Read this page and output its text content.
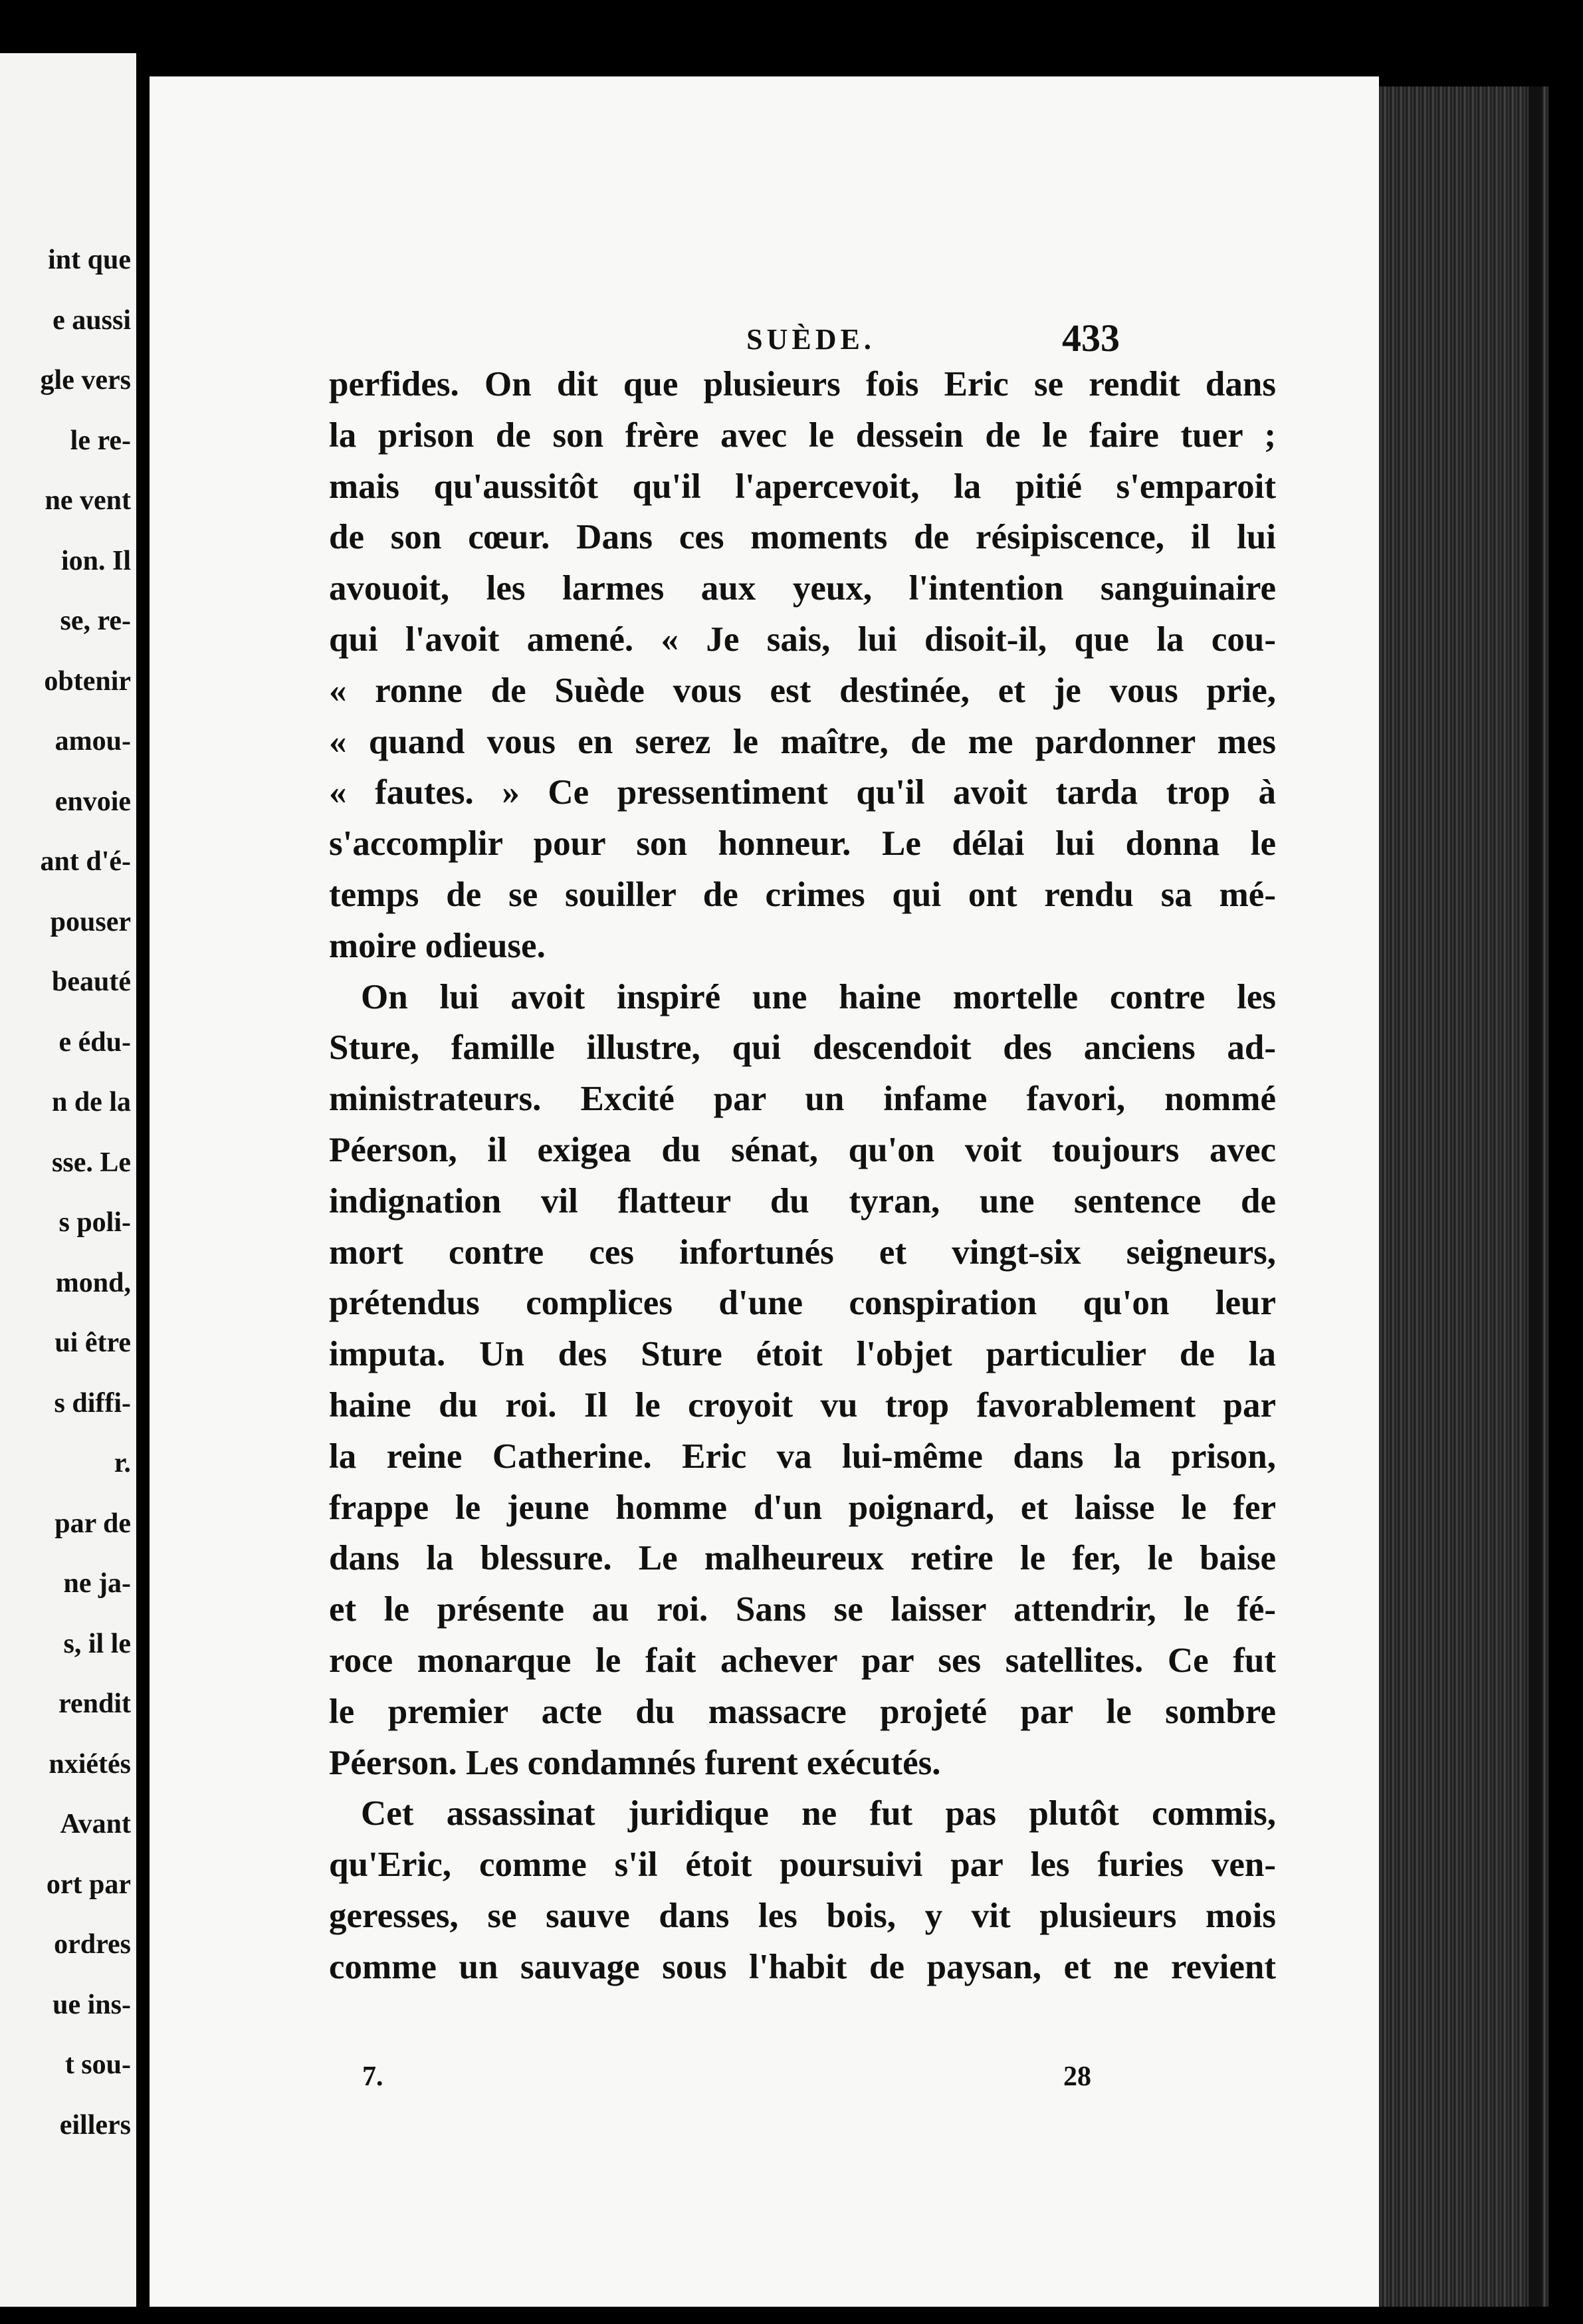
int que
e aussi
gle vers
le re-
ne vent
ion. Il
se, re-
obtenir
amou-
envoie
ant d'é-
pouser
beauté
e édu-
n de la
sse. Le
s poli-
mond,
ui être
s diffi-
r.
par de
ne ja-
s, il le
rendit
nxiétés
Avant
ort par
ordres
ue ins-
t sou-
eillers
SUÈDE.	433
perfides. On dit que plusieurs fois Eric se rendit dans
la prison de son frère avec le dessein de le faire tuer ;
mais qu'aussitôt qu'il l'apercevoit, la pitié s'emparoit
de son cœur. Dans ces moments de résipiscence, il lui
avouoit, les larmes aux yeux, l'intention sanguinaire
qui l'avoit amené. « Je sais, lui disoit-il, que la cou-
« ronne de Suède vous est destinée, et je vous prie,
« quand vous en serez le maître, de me pardonner mes
« fautes. » Ce pressentiment qu'il avoit tarda trop à
s'accomplir pour son honneur. Le délai lui donna le
temps de se souiller de crimes qui ont rendu sa mé-
moire odieuse.
On lui avoit inspiré une haine mortelle contre les
Sture, famille illustre, qui descendoit des anciens ad-
ministrateurs. Excité par un infame favori, nommé
Péerson, il exigea du sénat, qu'on voit toujours avec
indignation vil flatteur du tyran, une sentence de
mort contre ces infortunés et vingt-six seigneurs,
prétendus complices d'une conspiration qu'on leur
imputa. Un des Sture étoit l'objet particulier de la
haine du roi. Il le croyoit vu trop favorablement par
la reine Catherine. Eric va lui-même dans la prison,
frappe le jeune homme d'un poignard, et laisse le fer
dans la blessure. Le malheureux retire le fer, le baise
et le présente au roi. Sans se laisser attendrir, le fé-
roce monarque le fait achever par ses satellites. Ce fut
le premier acte du massacre projeté par le sombre
Péerson. Les condamnés furent exécutés.
Cet assassinat juridique ne fut pas plutôt commis,
qu'Eric, comme s'il étoit poursuivi par les furies ven-
geresses, se sauve dans les bois, y vit plusieurs mois
comme un sauvage sous l'habit de paysan, et ne revient
7.	28
